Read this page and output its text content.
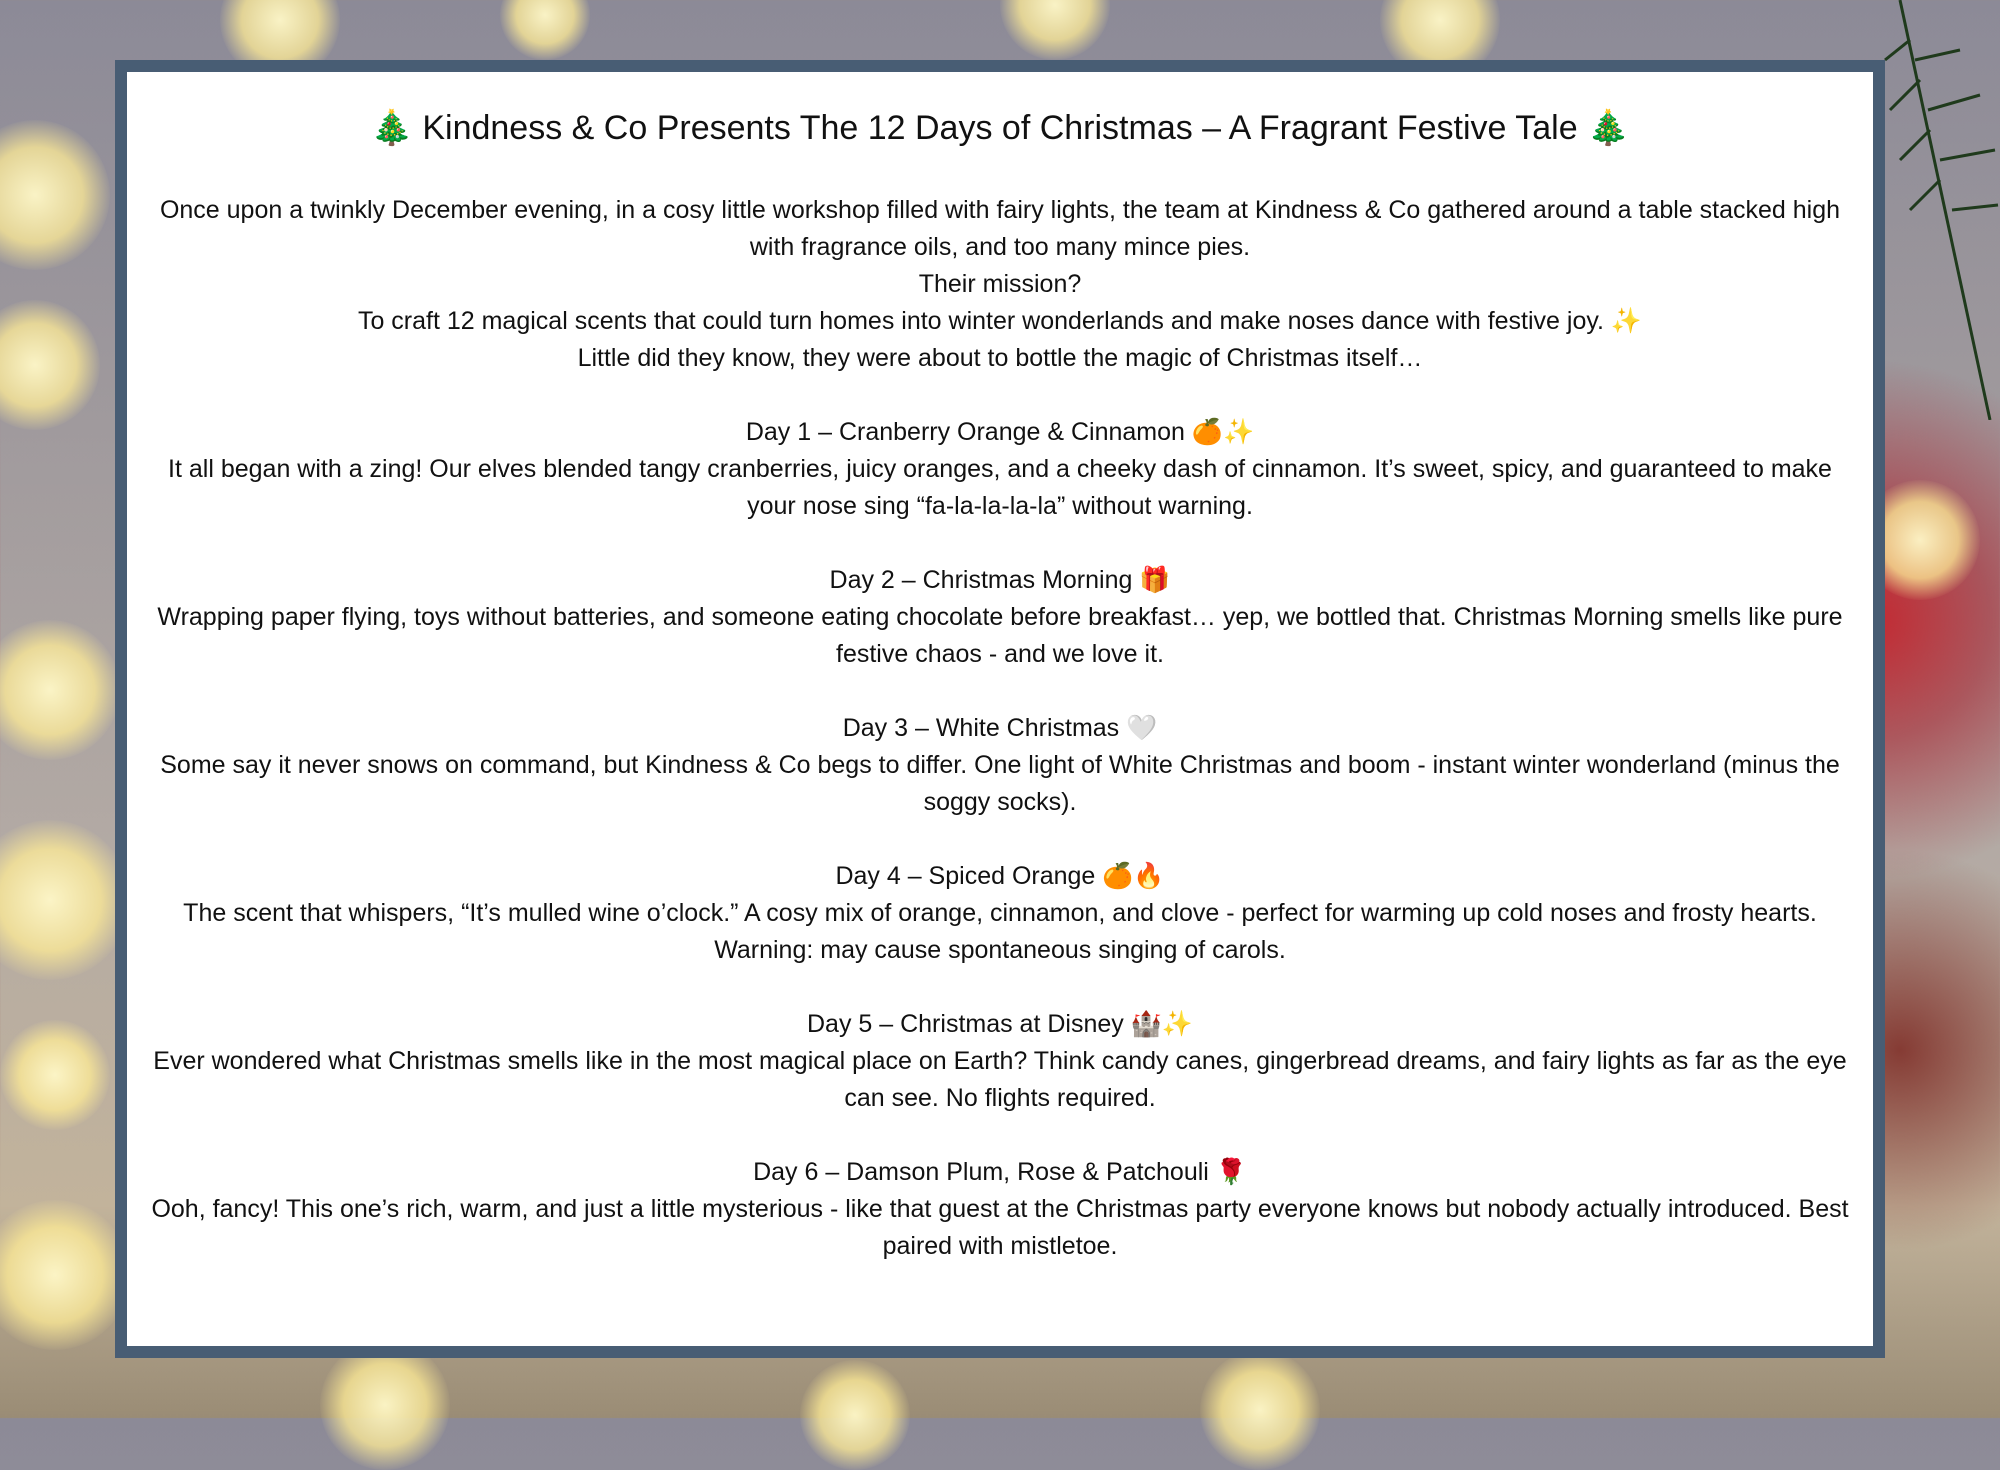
🎄 Kindness & Co Presents The 12 Days of Christmas – A Fragrant Festive Tale 🎄

Once upon a twinkly December evening, in a cosy little workshop filled with fairy lights, the team at Kindness & Co gathered around a table stacked high with fragrance oils, and too many mince pies.

Their mission?

To craft 12 magical scents that could turn homes into winter wonderlands and make noses dance with festive joy. ✨

Little did they know, they were about to bottle the magic of Christmas itself…

Day 1 – Cranberry Orange & Cinnamon 🍊✨

It all began with a zing! Our elves blended tangy cranberries, juicy oranges, and a cheeky dash of cinnamon. It’s sweet, spicy, and guaranteed to make your nose sing “fa-la-la-la-la” without warning.

Day 2 – Christmas Morning 🎁

Wrapping paper flying, toys without batteries, and someone eating chocolate before breakfast… yep, we bottled that. Christmas Morning smells like pure festive chaos - and we love it.

Day 3 – White Christmas 🤍

Some say it never snows on command, but Kindness & Co begs to differ. One light of White Christmas and boom - instant winter wonderland (minus the soggy socks).

Day 4 – Spiced Orange 🍊🔥

The scent that whispers, “It’s mulled wine o’clock.” A cosy mix of orange, cinnamon, and clove - perfect for warming up cold noses and frosty hearts. Warning: may cause spontaneous singing of carols.

Day 5 – Christmas at Disney 🏰✨

Ever wondered what Christmas smells like in the most magical place on Earth? Think candy canes, gingerbread dreams, and fairy lights as far as the eye can see. No flights required.

Day 6 – Damson Plum, Rose & Patchouli 🌹

Ooh, fancy! This one’s rich, warm, and just a little mysterious - like that guest at the Christmas party everyone knows but nobody actually introduced. Best paired with mistletoe.
